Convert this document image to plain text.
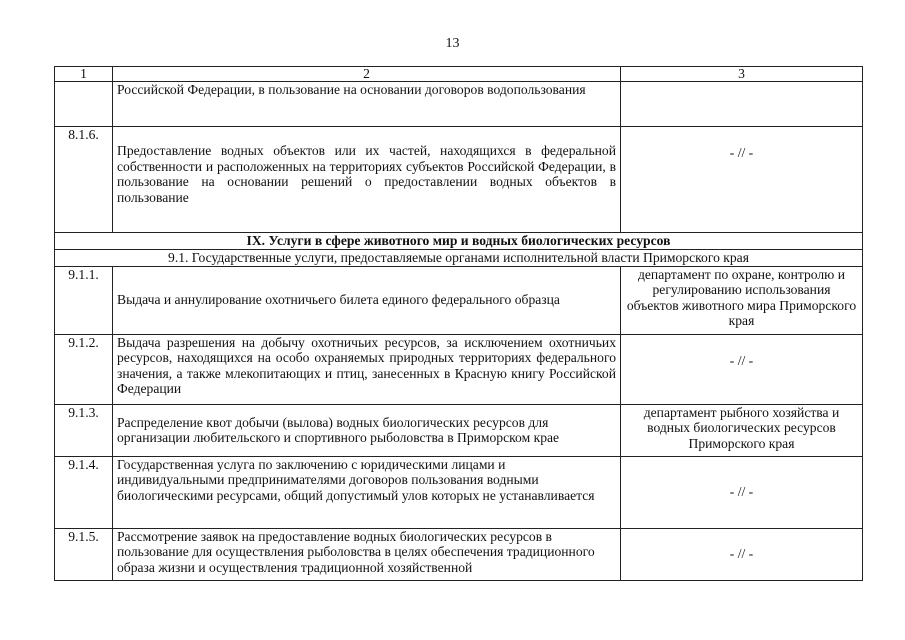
13
1	2	3
	Российской Федерации, в пользование на основании договоров водопользования	
8.1.6.	Предоставление водных объектов или их частей, находящихся в федеральной собственности и расположенных на территориях субъектов Российской Федерации, в пользование на основании решений о предоставлении водных объектов в пользование	- // -
IX. Услуги в сфере животного мир и водных биологических ресурсов		
9.1. Государственные услуги, предоставляемые органами исполнительной власти Приморского края		
9.1.1.	Выдача и аннулирование охотничьего билета единого федерального образца	департамент по охране, контролю и регулированию использования объектов животного мира Приморского края
9.1.2.	Выдача разрешения на добычу охотничьих ресурсов, за исключением охотничьих ресурсов, находящихся на особо охраняемых природных территориях федерального значения, а также млекопитающих и птиц, занесенных в Красную книгу Российской Федерации	- // -
9.1.3.	Распределение квот добычи (вылова) водных биологических ресурсов для организации любительского и спортивного рыболовства в Приморском крае	департамент рыбного хозяйства и водных биологических ресурсов Приморского края
9.1.4.	Государственная услуга по заключению с юридическими лицами и индивидуальными предпринимателями договоров пользования водными биологическими ресурсами, общий допустимый улов которых не устанавливается	- // -
9.1.5.	Рассмотрение заявок на предоставление водных биологических ресурсов в пользование для осуществления рыболовства в целях обеспечения традиционного образа жизни и осуществления традиционной хозяйственной	- // -
